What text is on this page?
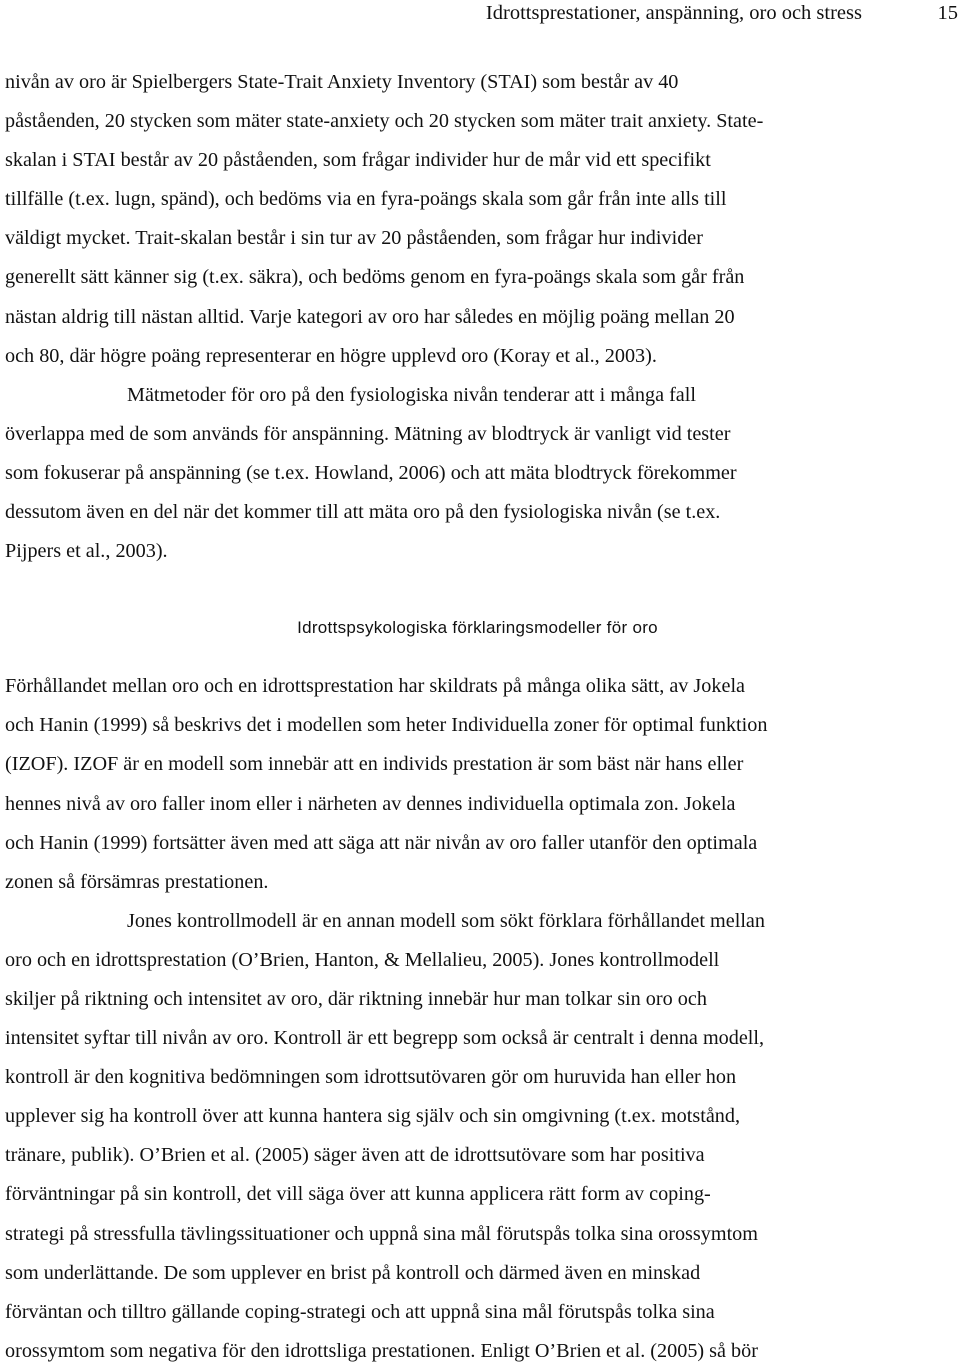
Idrottsprestationer, anspänning, oro och stress	15
nivån av oro är Spielbergers State-Trait Anxiety Inventory (STAI) som består av 40
påståenden, 20 stycken som mäter state-anxiety och 20 stycken som mäter trait anxiety. State-
skalan i STAI består av 20 påståenden, som frågar individer hur de mår vid ett specifikt
tillfälle (t.ex. lugn, spänd), och bedöms via en fyra-poängs skala som går från inte alls till
väldigt mycket. Trait-skalan består i sin tur av 20 påståenden, som frågar hur individer
generellt sätt känner sig (t.ex. säkra), och bedöms genom en fyra-poängs skala som går från
nästan aldrig till nästan alltid. Varje kategori av oro har således en möjlig poäng mellan 20
och 80, där högre poäng representerar en högre upplevd oro (Koray et al., 2003).
Mätmetoder för oro på den fysiologiska nivån tenderar att i många fall
överlappa med de som används för anspänning. Mätning av blodtryck är vanligt vid tester
som fokuserar på anspänning (se t.ex. Howland, 2006) och att mäta blodtryck förekommer
dessutom även en del när det kommer till att mäta oro på den fysiologiska nivån (se t.ex.
Pijpers et al., 2003).
Idrottspsykologiska förklaringsmodeller för oro
Förhållandet mellan oro och en idrottsprestation har skildrats på många olika sätt, av Jokela
och Hanin (1999) så beskrivs det i modellen som heter Individuella zoner för optimal funktion
(IZOF). IZOF är en modell som innebär att en individs prestation är som bäst när hans eller
hennes nivå av oro faller inom eller i närheten av dennes individuella optimala zon. Jokela
och Hanin (1999) fortsätter även med att säga att när nivån av oro faller utanför den optimala
zonen så försämras prestationen.
Jones kontrollmodell är en annan modell som sökt förklara förhållandet mellan
oro och en idrottsprestation (O’Brien, Hanton, & Mellalieu, 2005). Jones kontrollmodell
skiljer på riktning och intensitet av oro, där riktning innebär hur man tolkar sin oro och
intensitet syftar till nivån av oro. Kontroll är ett begrepp som också är centralt i denna modell,
kontroll är den kognitiva bedömningen som idrottsutövaren gör om huruvida han eller hon
upplever sig ha kontroll över att kunna hantera sig själv och sin omgivning (t.ex. motstånd,
tränare, publik). O’Brien et al. (2005) säger även att de idrottsutövare som har positiva
förväntningar på sin kontroll, det vill säga över att kunna applicera rätt form av coping-
strategi på stressfulla tävlingssituationer och uppnå sina mål förutspås tolka sina orossymtom
som underlättande. De som upplever en brist på kontroll och därmed även en minskad
förväntan och tilltro gällande coping-strategi och att uppnå sina mål förutspås tolka sina
orossymtom som negativa för den idrottsliga prestationen. Enligt O’Brien et al. (2005) så bör
